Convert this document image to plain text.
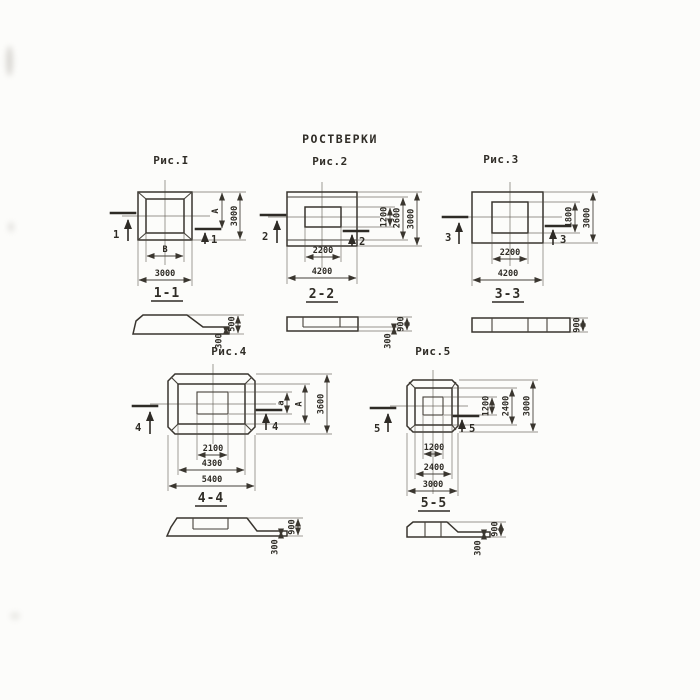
РОСТВЕРКИ
Рис.I
А 3000
В
3000
1	1
1-1
500
300
Рис.2
1200 2600 3000
2200
4200
2	2
2-2
300
900
Рис.3
1800 3000
2200
4200
3	3
3-3
900
Рис.4
а А 3600
2100
4300
5400
4	4
4-4
300
900
Рис.5
1200 2400 3000
1200
2400
3000
5	5
5-5
300
900
